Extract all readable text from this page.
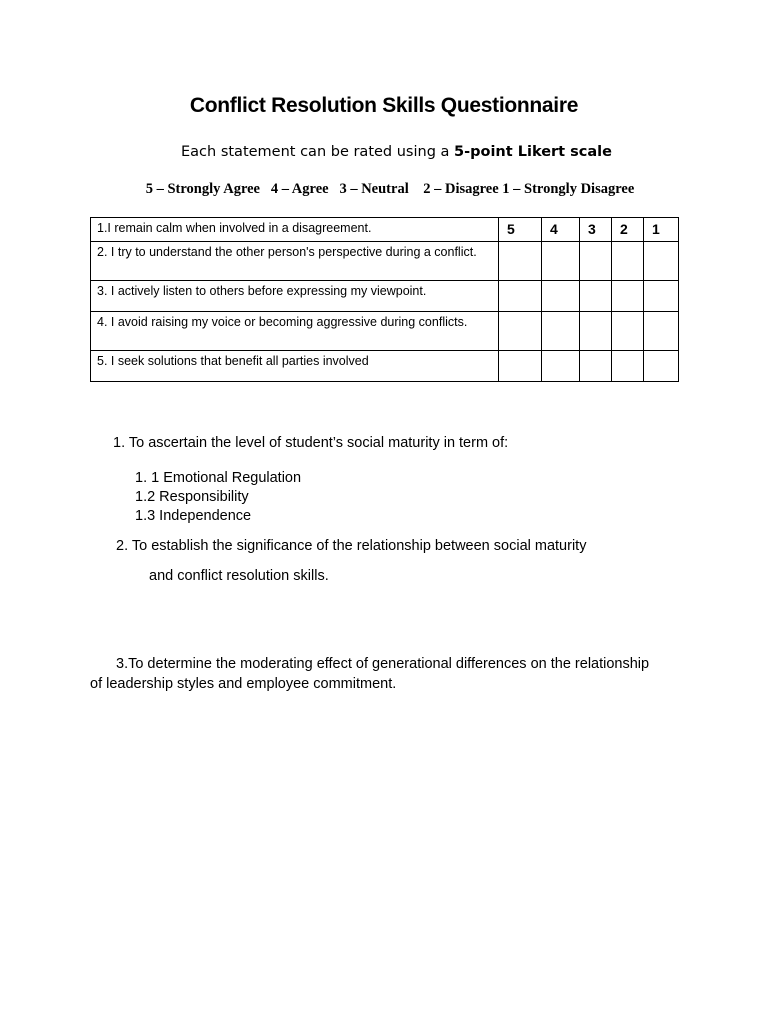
Conflict Resolution Skills Questionnaire
Each statement can be rated using a 5-point Likert scale
5 – Strongly Agree   4 – Agree   3 – Neutral    2 – Disagree 1 – Strongly Disagree
1.I remain calm when involved in a disagreement.	5	4	3	2	1
2. I try to understand the other person's perspective during a conflict.					
3. I actively listen to others before expressing my viewpoint.					
4. I avoid raising my voice or becoming aggressive during conflicts.					
5. I seek solutions that benefit all parties involved					
1. To ascertain the level of student’s social maturity in term of:
1. 1 Emotional Regulation
1.2 Responsibility
1.3 Independence
2. To establish the significance of the relationship between social maturity
and conflict resolution skills.
3.To determine the moderating effect of generational differences on the relationship
of leadership styles and employee commitment.
